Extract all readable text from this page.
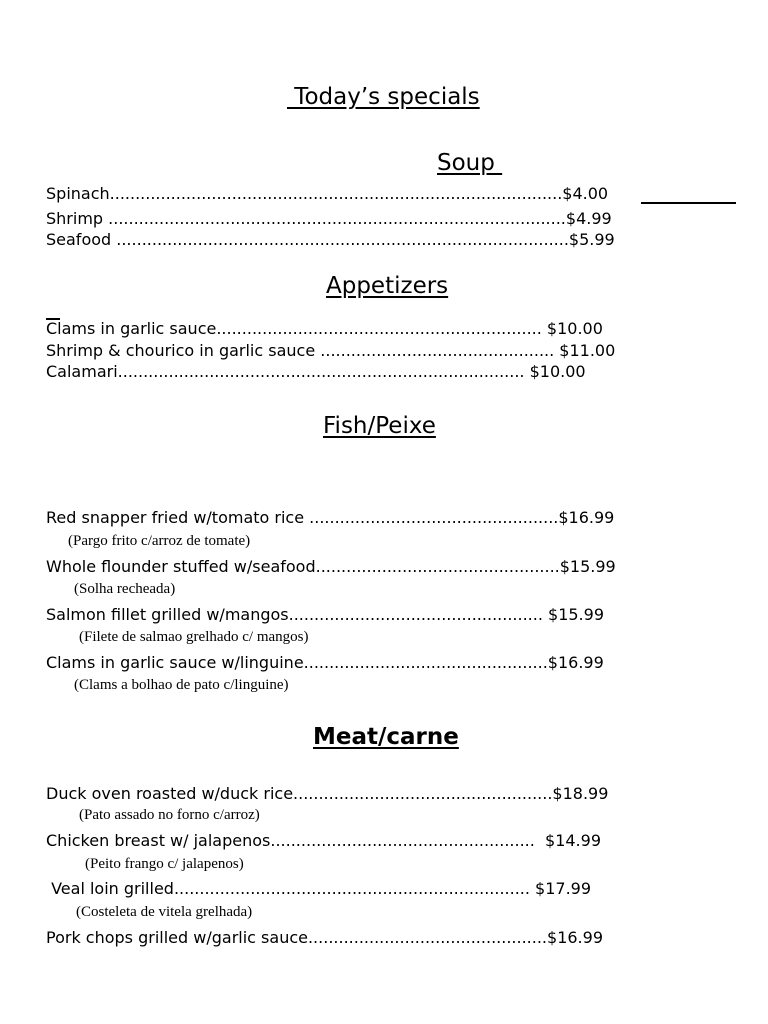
Today’s specials
Soup
Spinach.........................................................................................$4.00
Shrimp ..........................................................................................$4.99
Seafood .........................................................................................$5.99
Appetizers
Clams in garlic sauce................................................................ $10.00
Shrimp & chourico in garlic sauce .............................................. $11.00
Calamari................................................................................ $10.00
Fish/Peixe
Red snapper fried w/tomato rice .................................................$16.99
(Pargo frito c/arroz de tomate)
Whole flounder stuffed w/seafood................................................$15.99
(Solha recheada)
Salmon fillet grilled w/mangos.................................................. $15.99
(Filete de salmao grelhado c/ mangos)
Clams in garlic sauce w/linguine................................................$16.99
(Clams a bolhao de pato c/linguine)
Meat/carne
Duck oven roasted w/duck rice...................................................$18.99
(Pato assado no forno c/arroz)
Chicken breast w/ jalapenos....................................................  $14.99
(Peito frango c/ jalapenos)
Veal loin grilled...................................................................... $17.99
(Costeleta de vitela grelhada)
Pork chops grilled w/garlic sauce...............................................$16.99
